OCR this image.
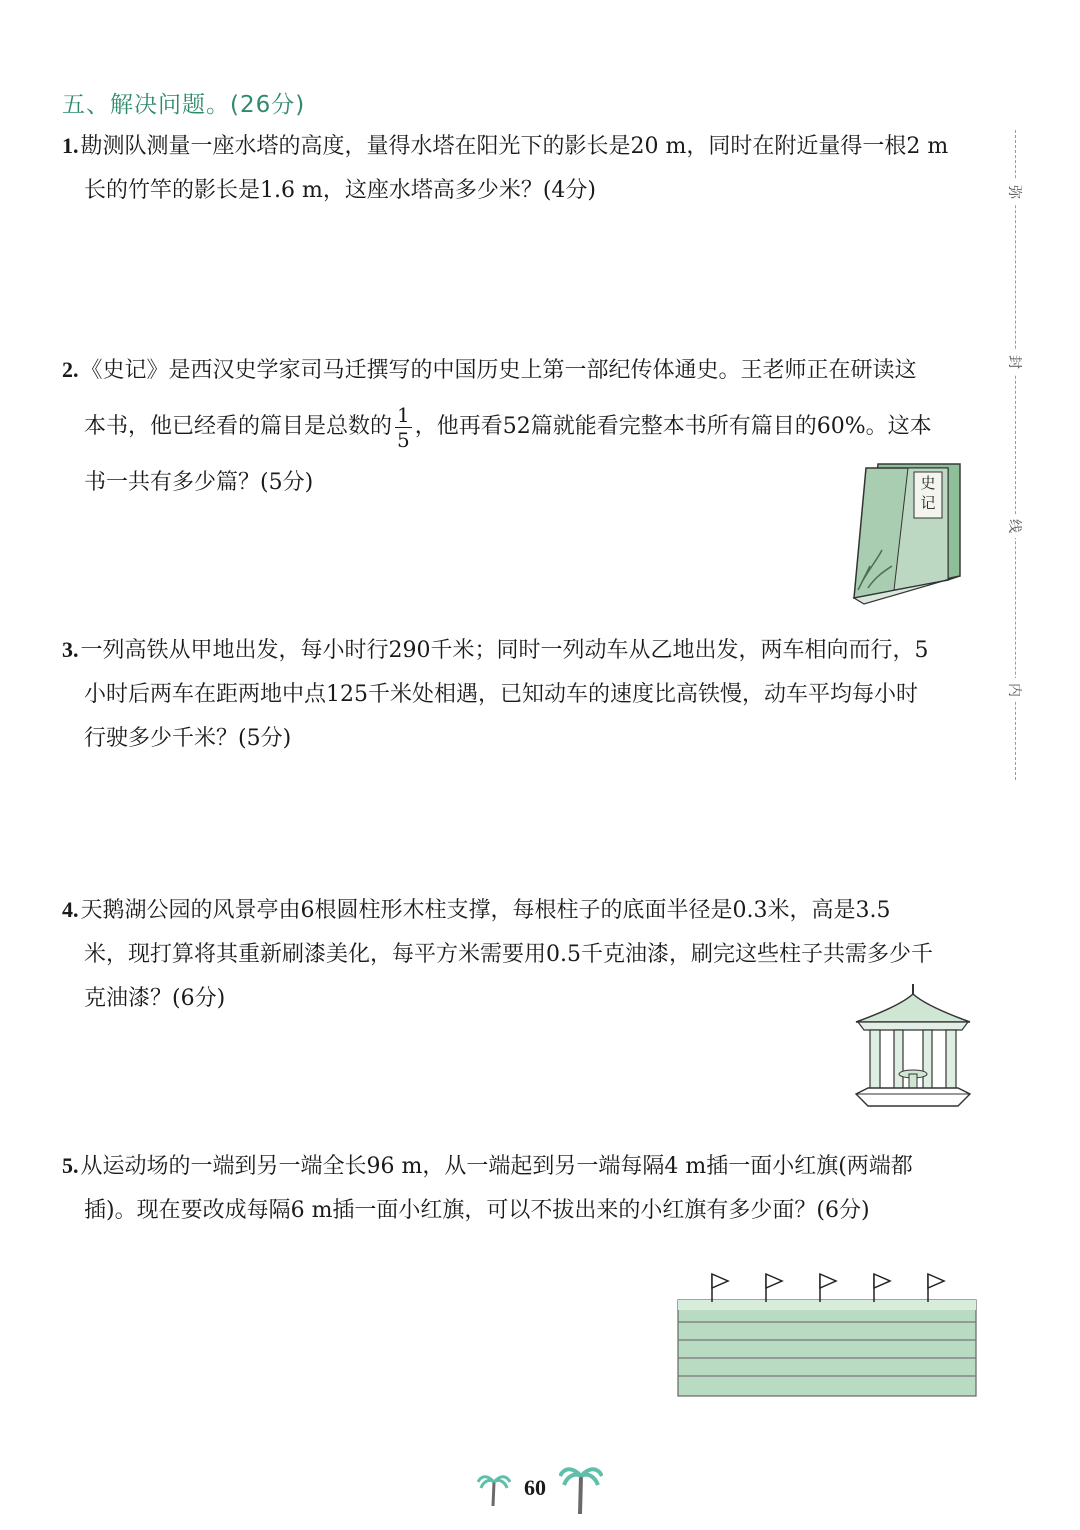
五、解决问题。(26分)
1.勘测队测量一座水塔的高度，量得水塔在阳光下的影长是20 m，同时在附近量得一根2 m
长的竹竿的影长是1.6 m，这座水塔高多少米？(4分)
2.《史记》是西汉史学家司马迁撰写的中国历史上第一部纪传体通史。王老师正在研读这
本书，他已经看的篇目是总数的 $\frac{1}{5}$ ，他再看52篇就能看完整本书所有篇目的60%。这本
书一共有多少篇？(5分)	史
记
3.一列高铁从甲地出发，每小时行290千米；同时一列动车从乙地出发，两车相向而行，5
小时后两车在距两地中点125千米处相遇，已知动车的速度比高铁慢，动车平均每小时
行驶多少千米？(5分)
4.天鹅湖公园的风景亭由6根圆柱形木柱支撑，每根柱子的底面半径是0.3米，高是3.5
米，现打算将其重新刷漆美化，每平方米需要用0.5千克油漆，刷完这些柱子共需多少千
克油漆？(6分)
5.从运动场的一端到另一端全长96 m，从一端起到另一端每隔4 m插一面小红旗(两端都
插)。现在要改成每隔6 m插一面小红旗，可以不拔出来的小红旗有多少面？(6分)
弥
封
线
内
60
